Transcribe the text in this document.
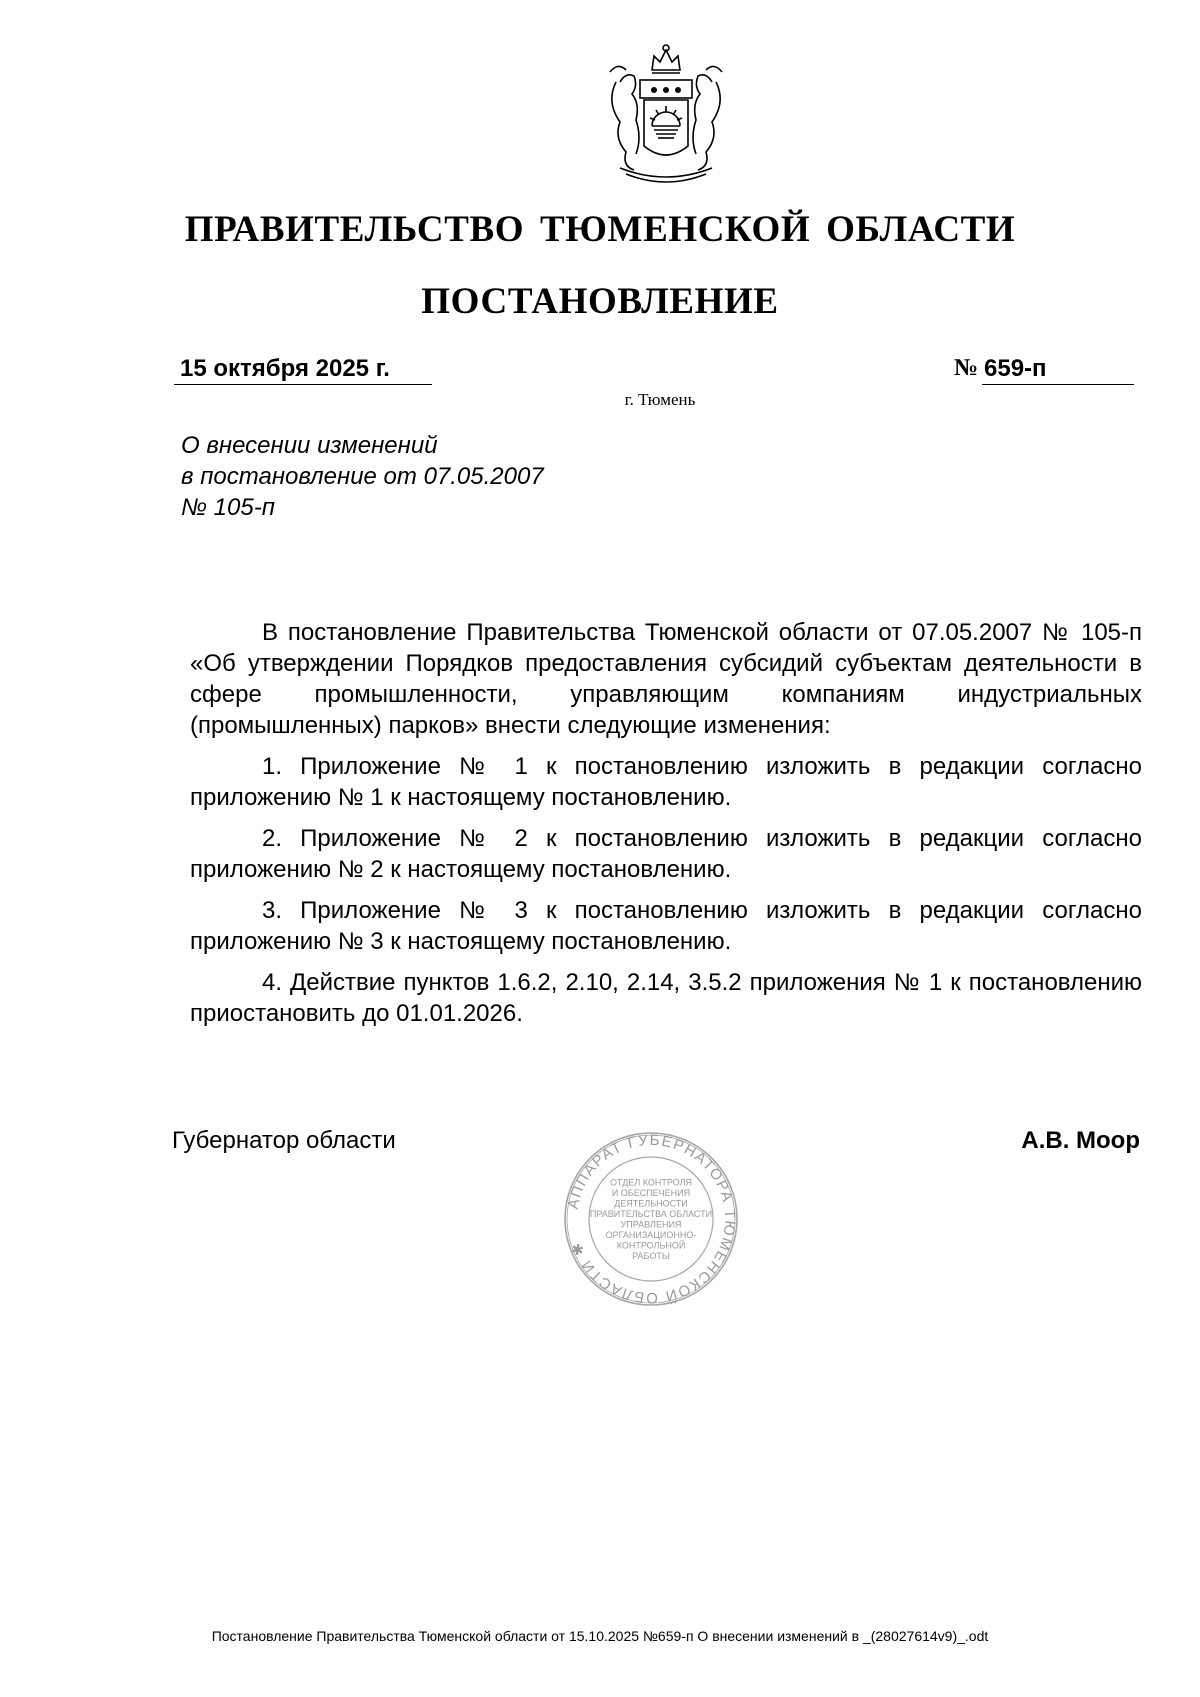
ПРАВИТЕЛЬСТВО ТЮМЕНСКОЙ ОБЛАСТИ
ПОСТАНОВЛЕНИЕ
15 октября 2025 г.	№ 659-п
г. Тюмень
О внесении изменений
в постановление от 07.05.2007
№ 105-п

В постановление Правительства Тюменской области от 07.05.2007 № 105-п «Об утверждении Порядков предоставления субсидий субъектам деятельности в сфере промышленности, управляющим компаниям индустриальных (промышленных) парков» внести следующие изменения:

1. Приложение № 1 к постановлению изложить в редакции согласно приложению № 1 к настоящему постановлению.

2. Приложение № 2 к постановлению изложить в редакции согласно приложению № 2 к настоящему постановлению.

3. Приложение № 3 к постановлению изложить в редакции согласно приложению № 3 к настоящему постановлению.

4. Действие пунктов 1.6.2, 2.10, 2.14, 3.5.2 приложения № 1 к постановлению приостановить до 01.01.2026.

Губернатор области	А.В. Моор
АППАРАТ ГУБЕРНАТОРА ТЮМЕНСКОЙ ОБЛАСТИ ✱
ОТДЕЛ КОНТРОЛЯ
И ОБЕСПЕЧЕНИЯ
ДЕЯТЕЛЬНОСТИ
ПРАВИТЕЛЬСТВА ОБЛАСТИ
УПРАВЛЕНИЯ
ОРГАНИЗАЦИОННО-
КОНТРОЛЬНОЙ
РАБОТЫ
Постановление Правительства Тюменской области от 15.10.2025 №659-п О внесении изменений в _(28027614v9)_.odt
